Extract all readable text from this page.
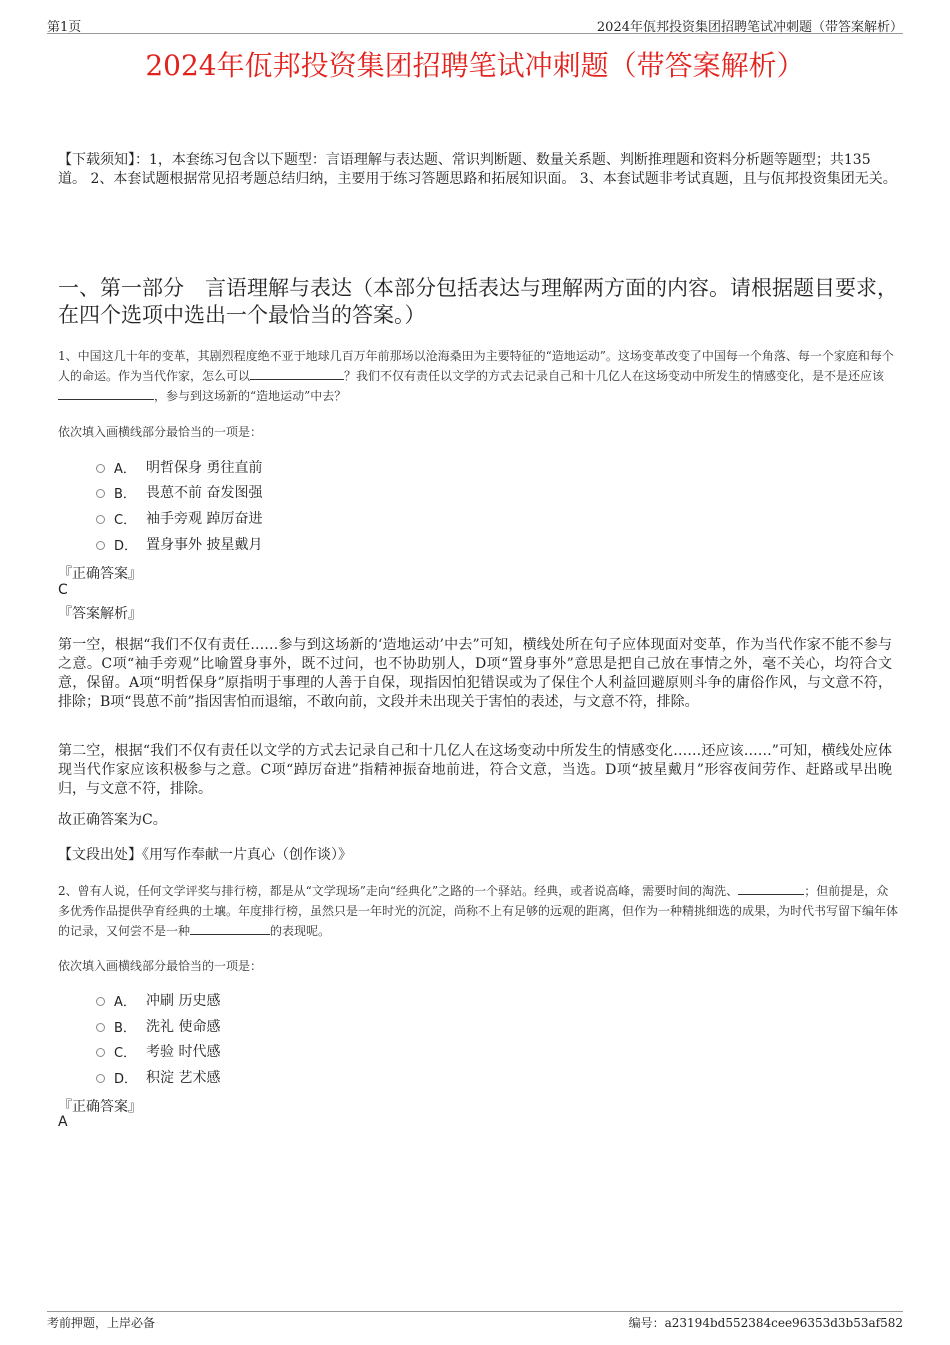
第1页	2024年佤邦投资集团招聘笔试冲刺题（带答案解析）
2024年佤邦投资集团招聘笔试冲刺题（带答案解析）
【下载须知】：1，本套练习包含以下题型：言语理解与表达题、常识判断题、数量关系题、判断推理题和资料分析题等题型；共135道。 2、本套试题根据常见招考题总结归纳，主要用于练习答题思路和拓展知识面。 3、本套试题非考试真题，且与佤邦投资集团无关。
一、第一部分　言语理解与表达（本部分包括表达与理解两方面的内容。请根据题目要求，在四个选项中选出一个最恰当的答案。）
1、中国这几十年的变革，其剧烈程度绝不亚于地球几百万年前那场以沧海桑田为主要特征的“造地运动”。这场变革改变了中国每一个角落、每一个家庭和每个人的命运。作为当代作家，怎么可以	？我们不仅有责任以文学的方式去记录自己和十几亿人在这场变动中所发生的情感变化，是不是还应该，参与到这场新的“造地运动”中去？
依次填入画横线部分最恰当的一项是：
A． 明哲保身 勇往直前
B． 畏葸不前 奋发图强
C． 袖手旁观 踔厉奋进
D． 置身事外 披星戴月
『正确答案』
C
『答案解析』
第一空，根据“我们不仅有责任……参与到这场新的‘造地运动’中去”可知，横线处所在句子应体现面对变革，作为当代作家不能不参与之意。C项“袖手旁观”比喻置身事外，既不过问，也不协助别人，D项“置身事外”意思是把自己放在事情之外，毫不关心，均符合文意，保留。A项“明哲保身”原指明于事理的人善于自保，现指因怕犯错误或为了保住个人利益回避原则斗争的庸俗作风，与文意不符，排除；B项“畏葸不前”指因害怕而退缩，不敢向前，文段并未出现关于害怕的表述，与文意不符，排除。
第二空，根据“我们不仅有责任以文学的方式去记录自己和十几亿人在这场变动中所发生的情感变化……还应该……”可知，横线处应体现当代作家应该积极参与之意。C项“踔厉奋进”指精神振奋地前进，符合文意，当选。D项“披星戴月”形容夜间劳作、赶路或早出晚归，与文意不符，排除。
故正确答案为C。
【文段出处】《用写作奉献一片真心（创作谈）》
2、曾有人说，任何文学评奖与排行榜，都是从“文学现场”走向“经典化”之路的一个驿站。经典，或者说高峰，需要时间的淘洗、	；但前提是，众多优秀作品提供孕育经典的土壤。年度排行榜，虽然只是一年时光的沉淀，尚称不上有足够的远观的距离，但作为一种精挑细选的成果，为时代书写留下编年体的记录，又何尝不是一种	的表现呢。
依次填入画横线部分最恰当的一项是：
A． 冲刷 历史感
B． 洗礼 使命感
C． 考验 时代感
D． 积淀 艺术感
『正确答案』
A
考前押题，上岸必备	编号：a23194bd552384cee96353d3b53af582
